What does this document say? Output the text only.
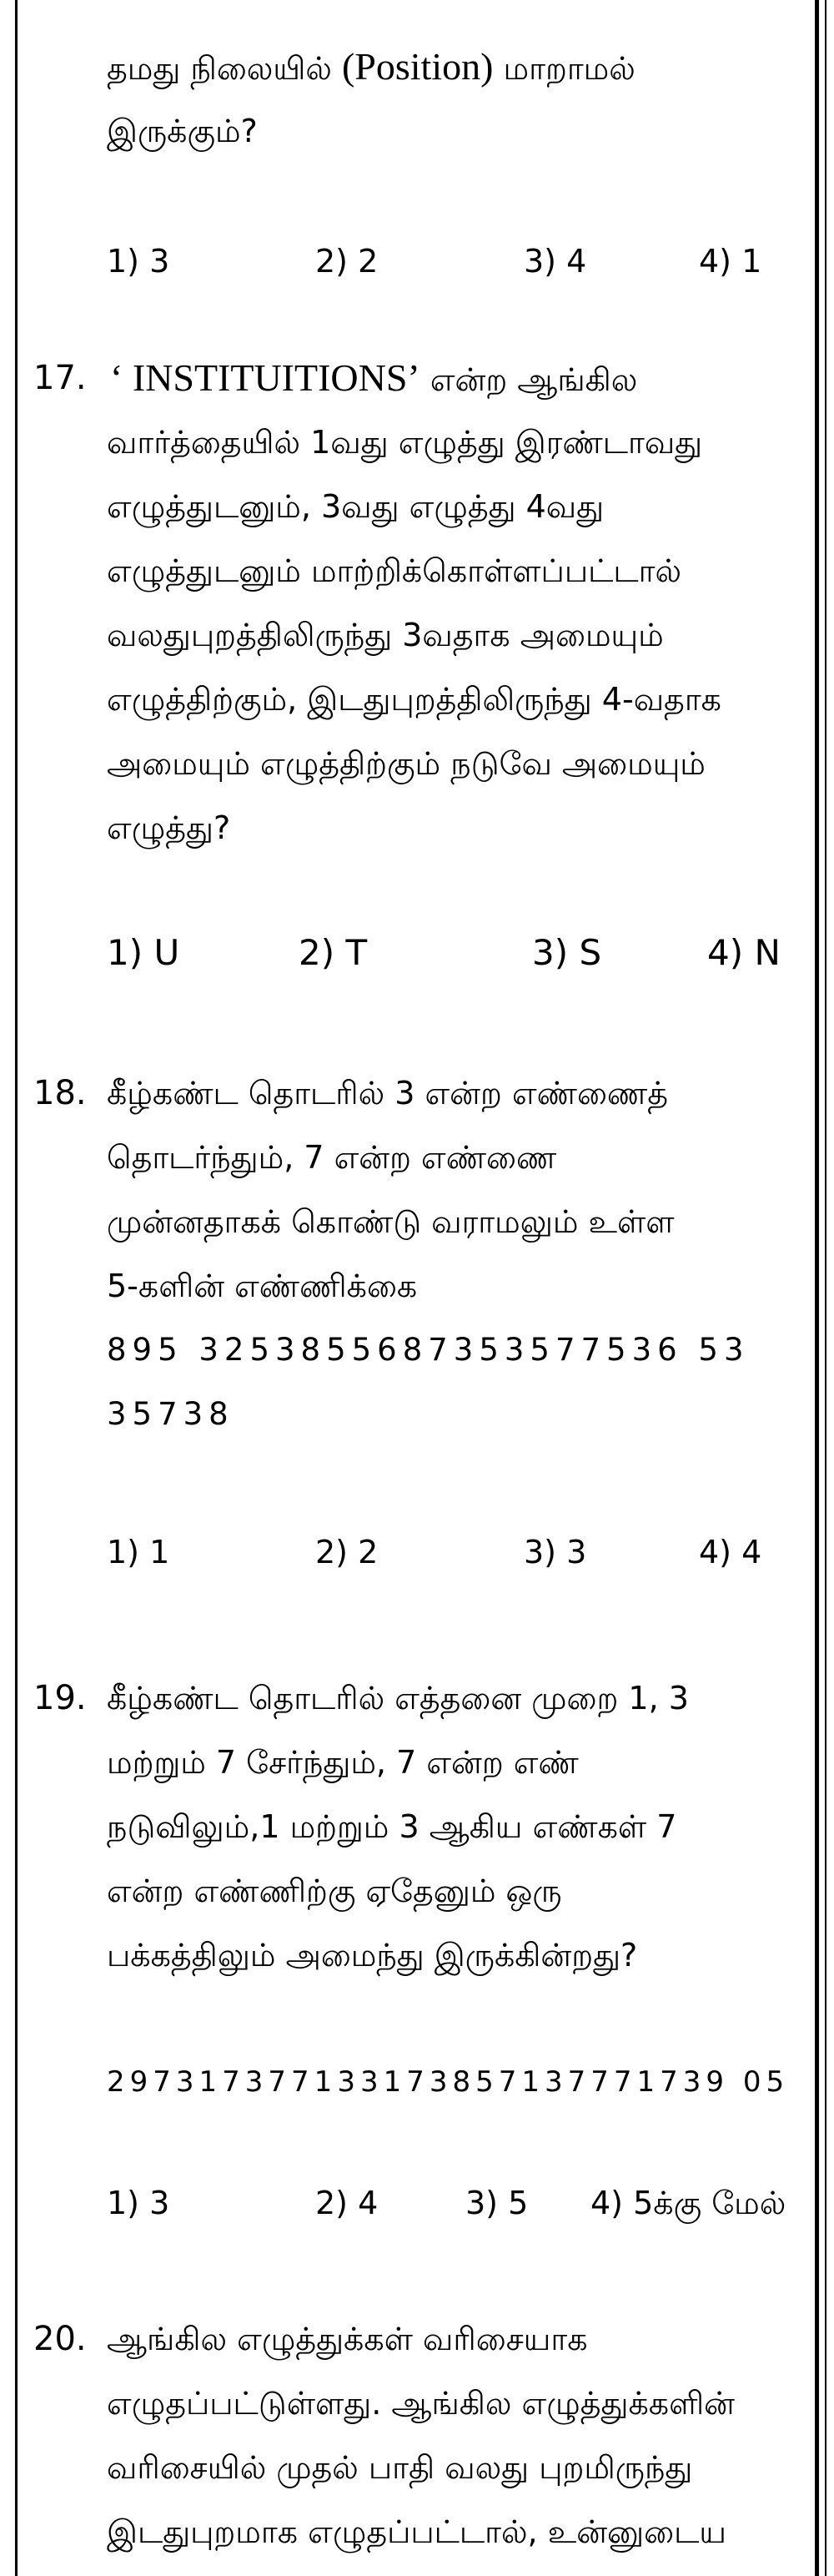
தமது நிலையில் (Position) மாறாமல்
இருக்கும்?
1) 3	2) 2	3) 4	4) 1
17. ‘ INSTITUITIONS’ என்ற ஆங்கில
வார்த்தையில் 1வது எழுத்து இரண்டாவது
எழுத்துடனும், 3வது எழுத்து 4வது
எழுத்துடனும் மாற்றிக்கொள்ளப்பட்டால்
வலதுபுறத்திலிருந்து 3வதாக அமையும்
எழுத்திற்கும், இடதுபுறத்திலிருந்து 4-வதாக
அமையும் எழுத்திற்கும் நடுவே அமையும்
எழுத்து?
1) U	2) T	3) S	4) N
18. கீழ்கண்ட தொடரில் 3 என்ற எண்ணைத்
தொடர்ந்தும், 7 என்ற எண்ணை
முன்னதாகக் கொண்டு வராமலும் உள்ள
5-களின் எண்ணிக்கை
895 3253855687353577536 53
35738
1) 1	2) 2	3) 3	4) 4
19. கீழ்கண்ட தொடரில் எத்தனை முறை 1, 3
மற்றும் 7 சேர்ந்தும், 7 என்ற எண்
நடுவிலும்,1 மற்றும் 3 ஆகிய எண்கள் 7
என்ற எண்ணிற்கு ஏதேனும் ஒரு
பக்கத்திலும் அமைந்து இருக்கின்றது?
297317377133173857137771739 05
1) 3	2) 4	3) 5 4) 5க்கு மேல்
20. ஆங்கில எழுத்துக்கள் வரிசையாக
எழுதப்பட்டுள்ளது. ஆங்கில எழுத்துக்களின்
வரிசையில் முதல் பாதி வலது புறமிருந்து
இடதுபுறமாக எழுதப்பட்டால், உன்னுடைய
